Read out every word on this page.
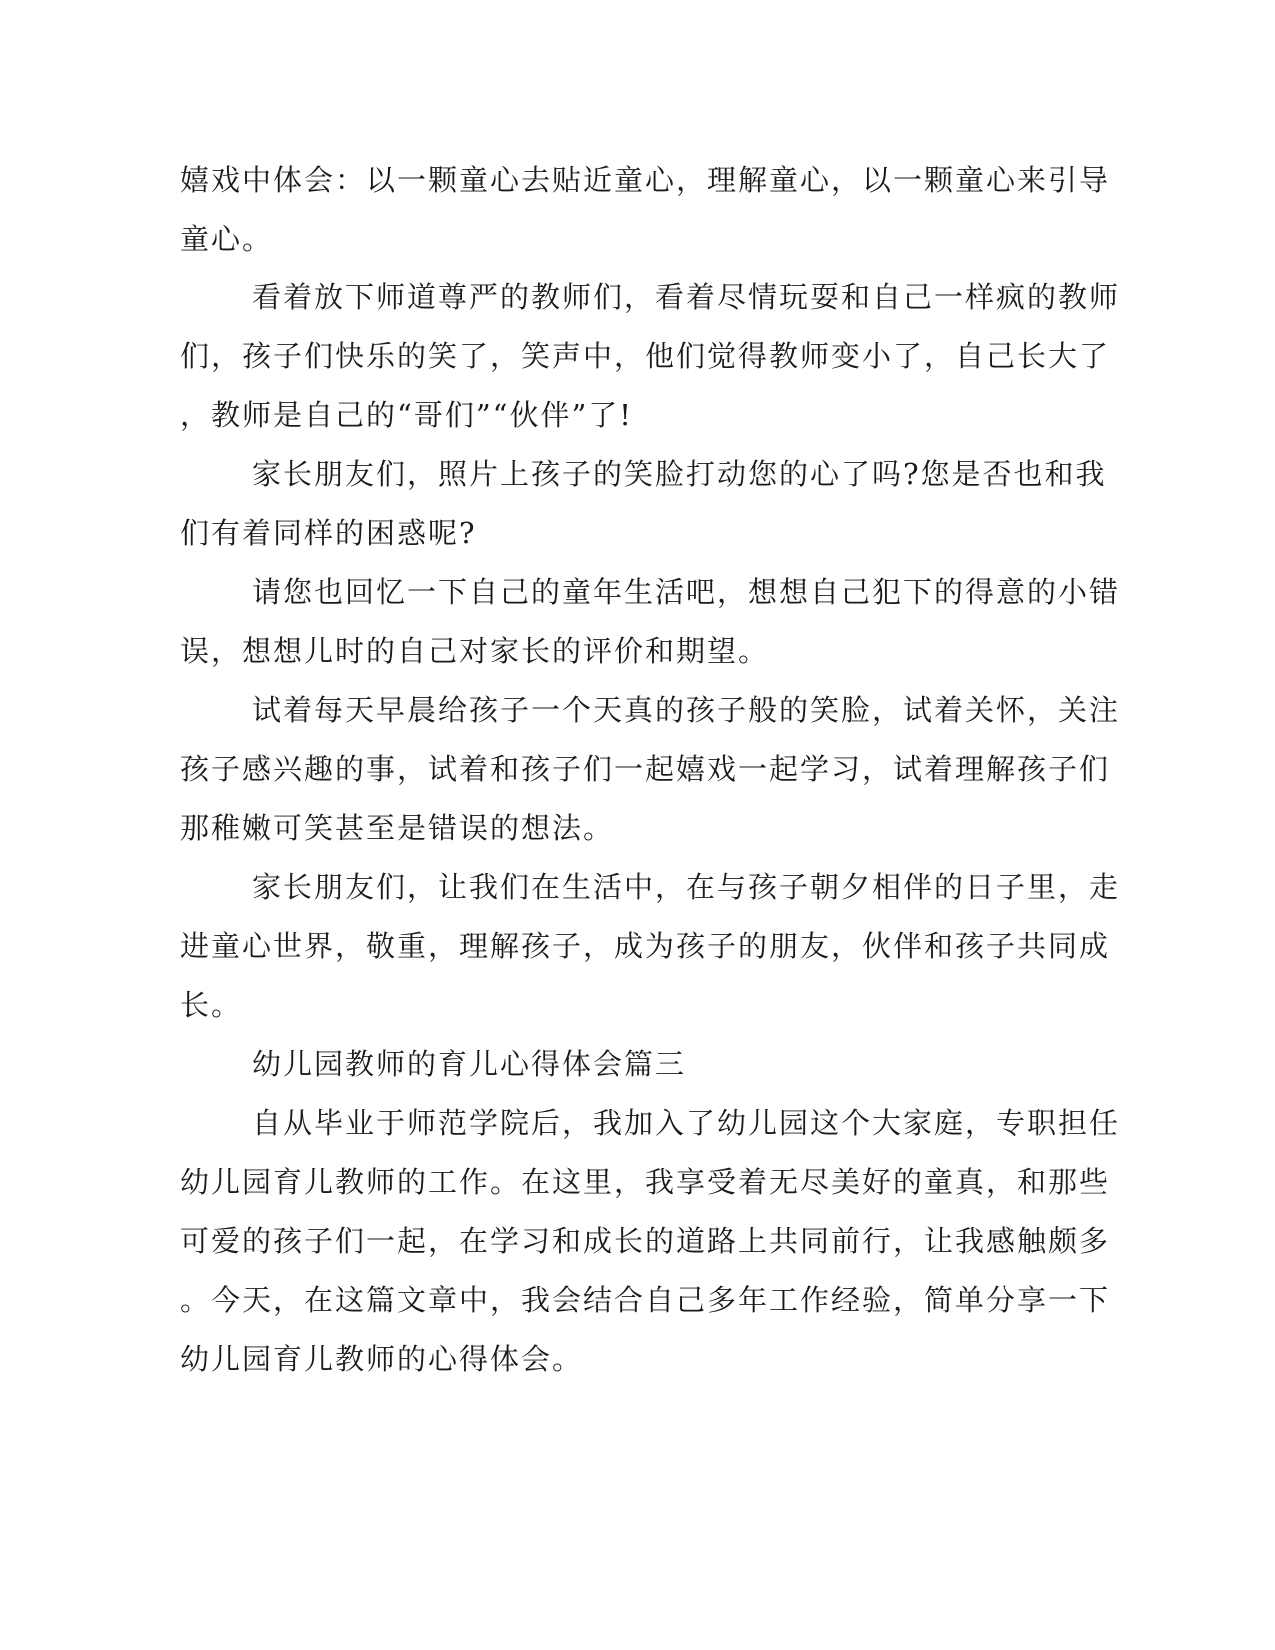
嬉戏中体会：以一颗童心去贴近童心，理解童心，以一颗童心来引导

童心。

看着放下师道尊严的教师们，看着尽情玩耍和自己一样疯的教师

们，孩子们快乐的笑了，笑声中，他们觉得教师变小了，自己长大了

，教师是自己的“哥们”“伙伴”了!

家长朋友们，照片上孩子的笑脸打动您的心了吗?您是否也和我

们有着同样的困惑呢?

请您也回忆一下自己的童年生活吧，想想自己犯下的得意的小错

误，想想儿时的自己对家长的评价和期望。

试着每天早晨给孩子一个天真的孩子般的笑脸，试着关怀，关注

孩子感兴趣的事，试着和孩子们一起嬉戏一起学习，试着理解孩子们

那稚嫩可笑甚至是错误的想法。

家长朋友们，让我们在生活中，在与孩子朝夕相伴的日子里，走

进童心世界，敬重，理解孩子，成为孩子的朋友，伙伴和孩子共同成

长。

幼儿园教师的育儿心得体会篇三

自从毕业于师范学院后，我加入了幼儿园这个大家庭，专职担任

幼儿园育儿教师的工作。在这里，我享受着无尽美好的童真，和那些

可爱的孩子们一起，在学习和成长的道路上共同前行，让我感触颇多

。今天，在这篇文章中，我会结合自己多年工作经验，简单分享一下

幼儿园育儿教师的心得体会。
